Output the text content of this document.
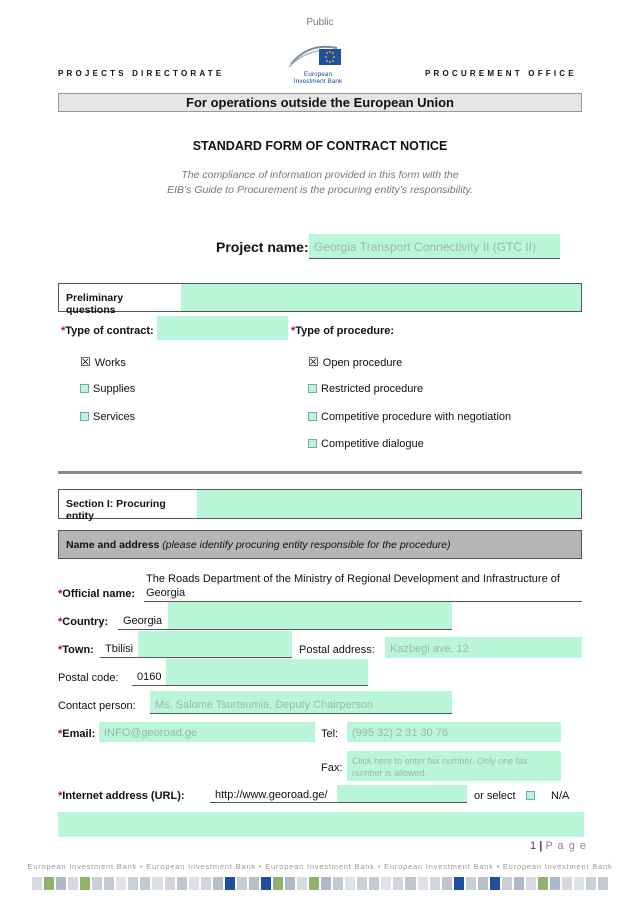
Public
PROJECTS DIRECTORATE	PROCUREMENT OFFICE
European
Investment Bank
For operations outside the European Union
STANDARD FORM OF CONTRACT NOTICE
The compliance of information provided in this form with the
EIB’s Guide to Procurement is the procuring entity’s responsibility.
Project name: Georgia Transport Connectivity II (GTC II)
Preliminary questions
*Type of contract:	*Type of procedure:
☒ Works
Supplies
Services
☒ Open procedure
Restricted procedure
Competitive procedure with negotiation
Competitive dialogue
Section I: Procuring entity
Name and address (please identify procuring entity responsible for the procedure)
*Official name:
The Roads Department of the Ministry of Regional Development and Infrastructure of
Georgia
*Country:	Georgia
*Town:	Tbilisi	Postal address:	Kazbegi ave. 12
Postal code:	0160
Contact person:	Ms. Salome Tsurtsumia, Deputy Chairperson
*Email: INFO@georoad.ge	Tel:	(995 32) 2 31 30 76
Fax:
Click here to enter fax number. Only one fax number is allowed.
*Internet address (URL):	http://www.georoad.ge/	or select	N/A
1 | P a g e
European Investment Bank • European Investment Bank • European Investment Bank • European Investment Bank • European Investment Bank
